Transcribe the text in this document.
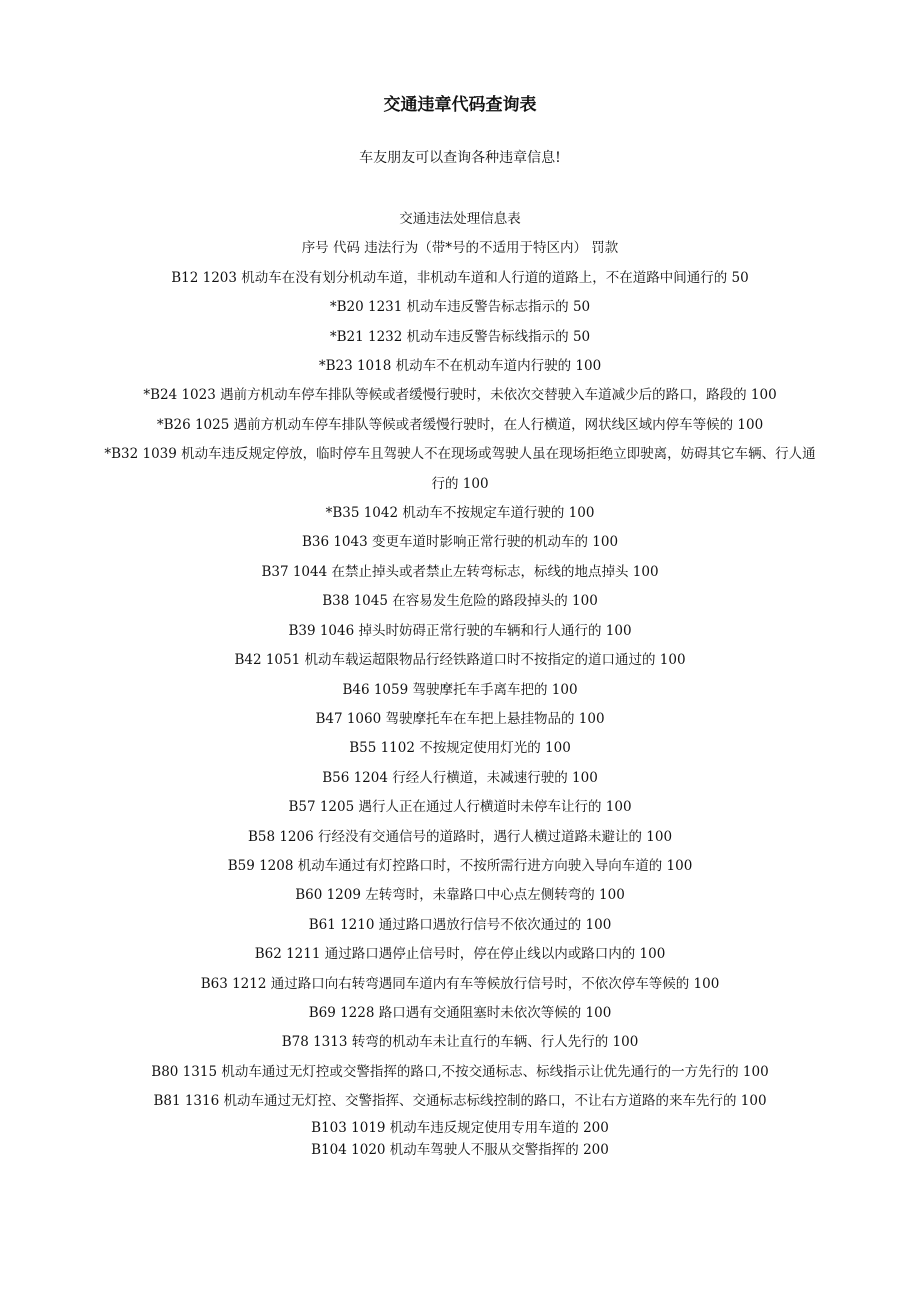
交通违章代码查询表
车友朋友可以查询各种违章信息!
交通违法处理信息表
序号 代码 违法行为（带*号的不适用于特区内） 罚款
B12 1203 机动车在没有划分机动车道，非机动车道和人行道的道路上，不在道路中间通行的 50
*B20 1231 机动车违反警告标志指示的 50
*B21 1232 机动车违反警告标线指示的 50
*B23 1018 机动车不在机动车道内行驶的 100
*B24 1023 遇前方机动车停车排队等候或者缓慢行驶时，未依次交替驶入车道减少后的路口，路段的 100
*B26 1025 遇前方机动车停车排队等候或者缓慢行驶时，在人行横道，网状线区域内停车等候的 100
*B32 1039 机动车违反规定停放，临时停车且驾驶人不在现场或驾驶人虽在现场拒绝立即驶离，妨碍其它车辆、行人通行的 100
*B35 1042 机动车不按规定车道行驶的 100
B36 1043 变更车道时影响正常行驶的机动车的 100
B37 1044 在禁止掉头或者禁止左转弯标志，标线的地点掉头 100
B38 1045 在容易发生危险的路段掉头的 100
B39 1046 掉头时妨碍正常行驶的车辆和行人通行的 100
B42 1051 机动车载运超限物品行经铁路道口时不按指定的道口通过的 100
B46 1059 驾驶摩托车手离车把的 100
B47 1060 驾驶摩托车在车把上悬挂物品的 100
B55 1102 不按规定使用灯光的 100
B56 1204 行经人行横道，未减速行驶的 100
B57 1205 遇行人正在通过人行横道时未停车让行的 100
B58 1206 行经没有交通信号的道路时，遇行人横过道路未避让的 100
B59 1208 机动车通过有灯控路口时，不按所需行进方向驶入导向车道的 100
B60 1209 左转弯时，未靠路口中心点左侧转弯的 100
B61 1210 通过路口遇放行信号不依次通过的 100
B62 1211 通过路口遇停止信号时，停在停止线以内或路口内的 100
B63 1212 通过路口向右转弯遇同车道内有车等候放行信号时，不依次停车等候的 100
B69 1228 路口遇有交通阻塞时未依次等候的 100
B78 1313 转弯的机动车未让直行的车辆、行人先行的 100
B80 1315 机动车通过无灯控或交警指挥的路口,不按交通标志、标线指示让优先通行的一方先行的 100
B81 1316 机动车通过无灯控、交警指挥、交通标志标线控制的路口，不让右方道路的来车先行的 100
B103 1019 机动车违反规定使用专用车道的 200
B104 1020 机动车驾驶人不服从交警指挥的 200
